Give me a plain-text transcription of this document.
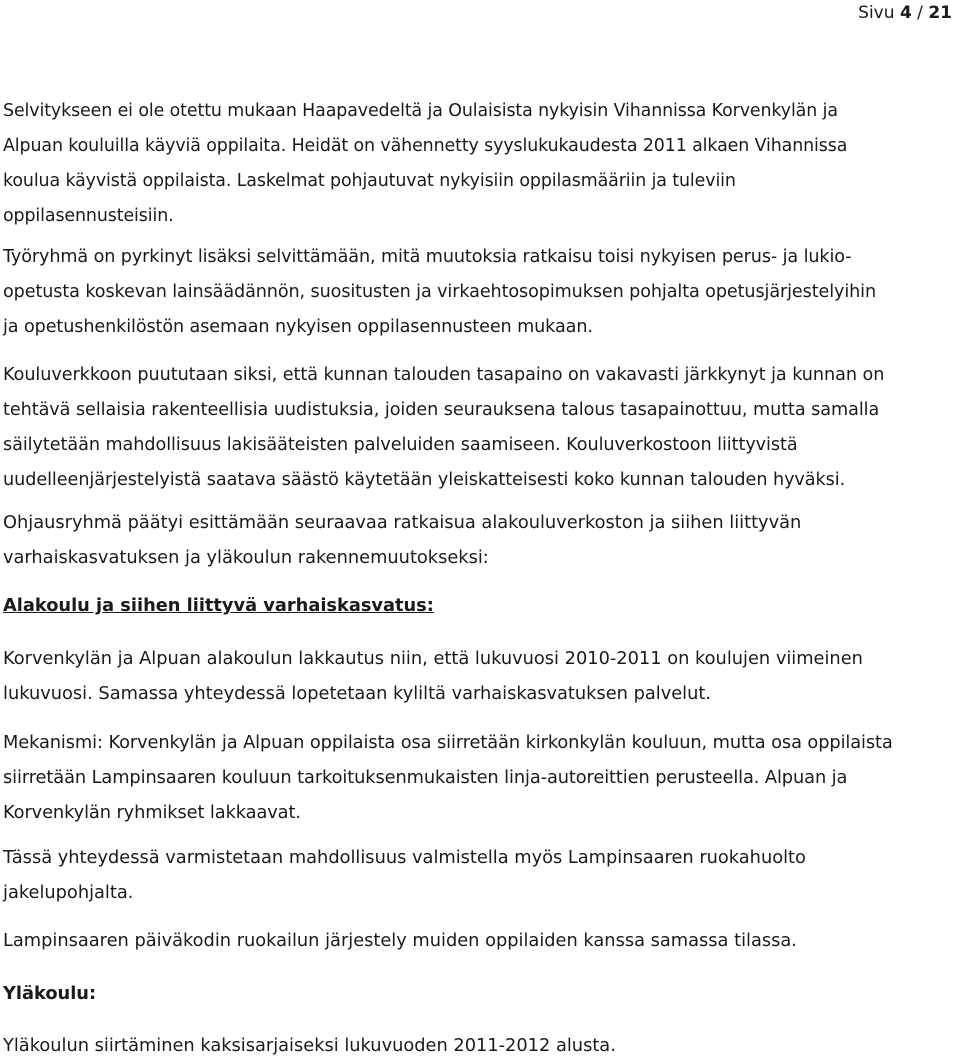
Sivu 4 / 21

Selvitykseen ei ole otettu mukaan Haapavedeltä ja Oulaisista nykyisin Vihannissa Korvenkylän ja
Alpuan kouluilla käyviä oppilaita. Heidät on vähennetty syyslukukaudesta 2011 alkaen Vihannissa
koulua käyvistä oppilaista. Laskelmat pohjautuvat nykyisiin oppilasmääriin ja tuleviin
oppilasennusteisiin.

Työryhmä on pyrkinyt lisäksi selvittämään, mitä muutoksia ratkaisu toisi nykyisen perus- ja lukio-
opetusta koskevan lainsäädännön, suositusten ja virkaehtosopimuksen pohjalta opetusjärjestelyihin
ja opetushenkilöstön asemaan nykyisen oppilasennusteen mukaan.

Kouluverkkoon puututaan siksi, että kunnan talouden tasapaino on vakavasti järkkynyt ja kunnan on
tehtävä sellaisia rakenteellisia uudistuksia, joiden seurauksena talous tasapainottuu, mutta samalla
säilytetään mahdollisuus lakisääteisten palveluiden saamiseen. Kouluverkostoon liittyvistä
uudelleenjärjestelyistä saatava säästö käytetään yleiskatteisesti koko kunnan talouden hyväksi.

Ohjausryhmä päätyi esittämään seuraavaa ratkaisua alakouluverkoston ja siihen liittyvän
varhaiskasvatuksen ja yläkoulun rakennemuutokseksi:

Alakoulu ja siihen liittyvä varhaiskasvatus:

Korvenkylän ja Alpuan alakoulun lakkautus niin, että lukuvuosi 2010-2011 on koulujen viimeinen
lukuvuosi. Samassa yhteydessä lopetetaan kyliltä varhaiskasvatuksen palvelut.

Mekanismi: Korvenkylän ja Alpuan oppilaista osa siirretään kirkonkylän kouluun, mutta osa oppilaista
siirretään Lampinsaaren kouluun tarkoituksenmukaisten linja-autoreittien perusteella. Alpuan ja
Korvenkylän ryhmikset lakkaavat.

Tässä yhteydessä varmistetaan mahdollisuus valmistella myös Lampinsaaren ruokahuolto
jakelupohjalta.

Lampinsaaren päiväkodin ruokailun järjestely muiden oppilaiden kanssa samassa tilassa.

Yläkoulu:

Yläkoulun siirtäminen kaksisarjaiseksi lukuvuoden 2011-2012 alusta.
